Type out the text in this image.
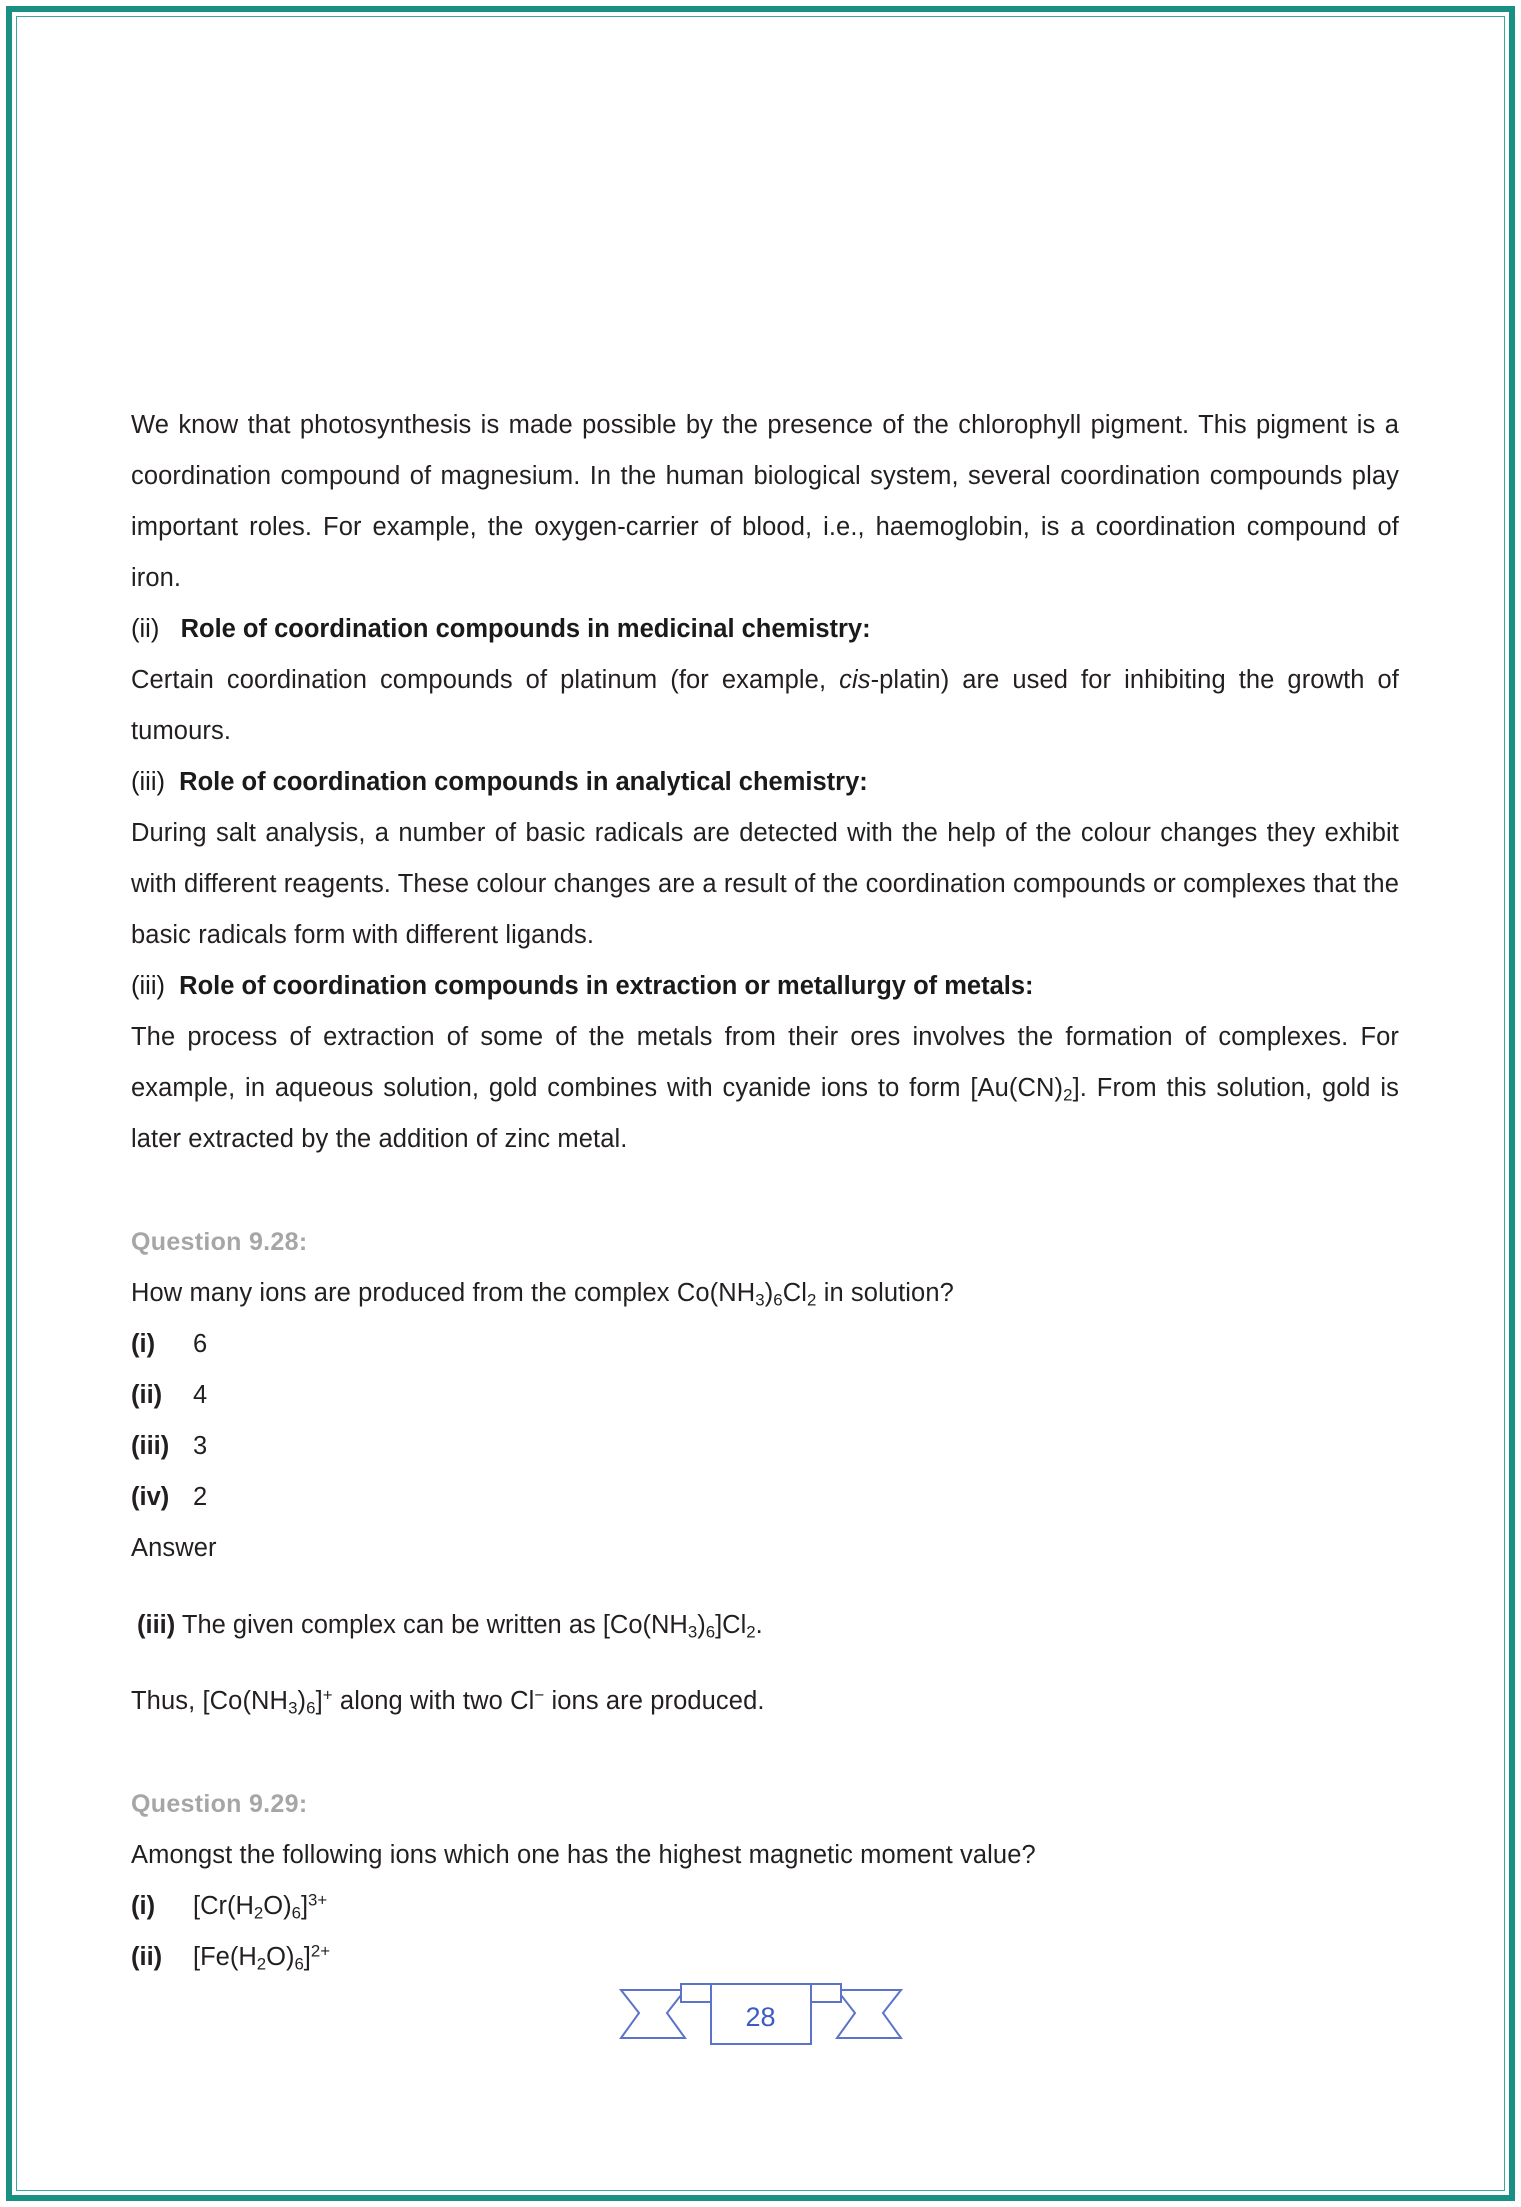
We know that photosynthesis is made possible by the presence of the chlorophyll pigment. This pigment is a coordination compound of magnesium. In the human biological system, several coordination compounds play important roles. For example, the oxygen-carrier of blood, i.e., haemoglobin, is a coordination compound of iron.

(ii) Role of coordination compounds in medicinal chemistry:

Certain coordination compounds of platinum (for example, cis-platin) are used for inhibiting the growth of tumours.

(iii) Role of coordination compounds in analytical chemistry:

During salt analysis, a number of basic radicals are detected with the help of the colour changes they exhibit with different reagents. These colour changes are a result of the coordination compounds or complexes that the basic radicals form with different ligands.

(iii) Role of coordination compounds in extraction or metallurgy of metals:

The process of extraction of some of the metals from their ores involves the formation of complexes. For example, in aqueous solution, gold combines with cyanide ions to form $[Au(CN)_2]$. From this solution, gold is later extracted by the addition of zinc metal.

Question 9.28:

How many ions are produced from the complex $Co(NH_3)_6Cl_2$ in solution?

(i)	6
(ii)	4
(iii) 3
(iv) 2

Answer

(iii) The given complex can be written as $[Co(NH_3)_6]Cl_2$.

Thus, $[Co(NH_3)_6]^+$ along with two Cl− ions are produced.

Question 9.29:

Amongst the following ions which one has the highest magnetic moment value?

(i)	$[Cr(H_2O)_6]^{3+}$
(ii)	$[Fe(H_2O)_6]^{2+}$
28
